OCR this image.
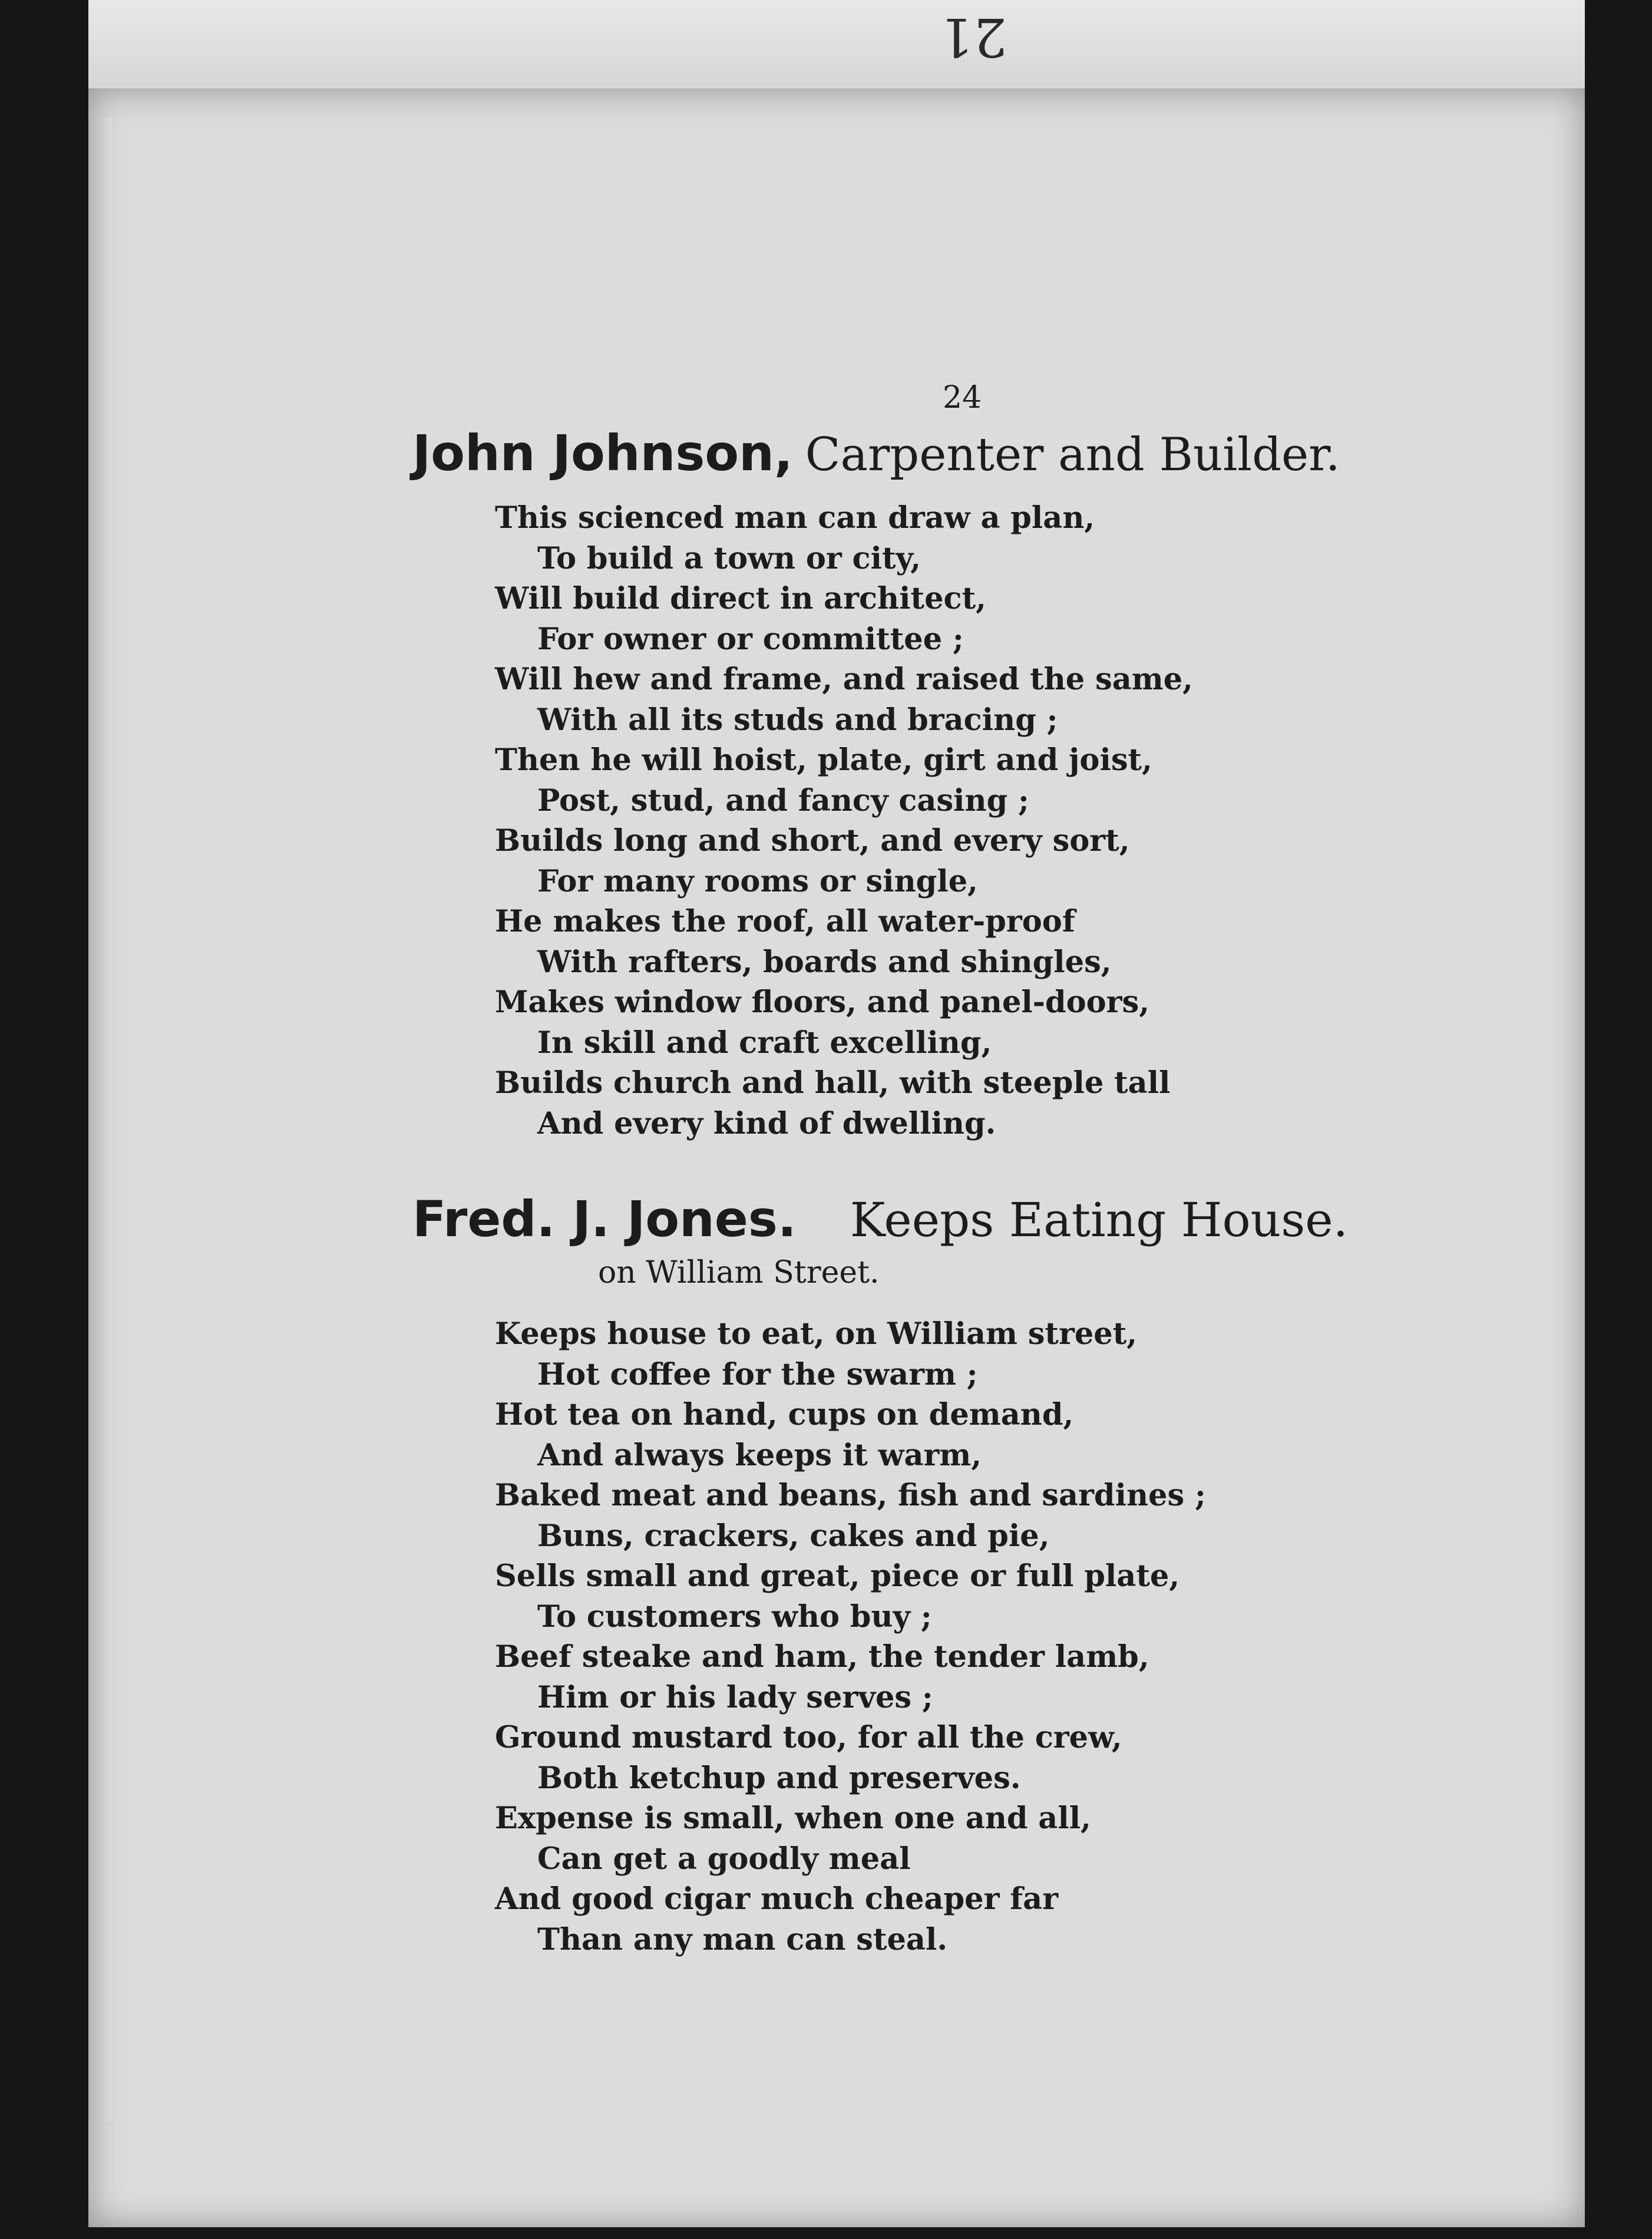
21
24
John Johnson, Carpenter and Builder.
This scienced man can draw a plan,
To build a town or city,
Will build direct in architect,
For owner or committee ;
Will hew and frame, and raised the same,
With all its studs and bracing ;
Then he will hoist, plate, girt and joist,
Post, stud, and fancy casing ;
Builds long and short, and every sort,
For many rooms or single,
He makes the roof, all water-proof
With rafters, boards and shingles,
Makes window floors, and panel-doors,
In skill and craft excelling,
Builds church and hall, with steeple tall
And every kind of dwelling.
Fred. J. Jones. Keeps Eating House.
on William Street.
Keeps house to eat, on William street,
Hot coffee for the swarm ;
Hot tea on hand, cups on demand,
And always keeps it warm,
Baked meat and beans, fish and sardines ;
Buns, crackers, cakes and pie,
Sells small and great, piece or full plate,
To customers who buy ;
Beef steake and ham, the tender lamb,
Him or his lady serves ;
Ground mustard too, for all the crew,
Both ketchup and preserves.
Expense is small, when one and all,
Can get a goodly meal
And good cigar much cheaper far
Than any man can steal.
